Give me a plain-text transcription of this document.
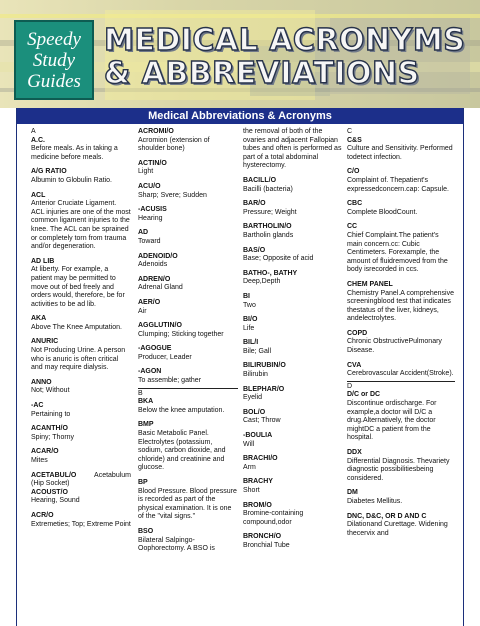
Speedy
Study
Guides
MEDICAL ACRONYMS
& ABBREVIATIONS
Medical Abbreviations & Acronyms
A
A.C.
Before meals. As in taking a medicine before meals.
A/G RATIO
Albumin to Globulin Ratio.
ACL
Anterior Cruciate Ligament. ACL injuries are one of the most common ligament injuries to the knee. The ACL can be sprained or completely torn from trauma and/or degeneration.
AD LIB
At liberty. For example, a patient may be permitted to move out of bed freely and orders would, therefore, be for activities to be ad lib.
AKA
Above The Knee Amputation.
ANURIC
Not Producing Urine. A person who is anuric is often critical and may require dialysis.
ANNO
Not; Without
-AC
Pertaining to
ACANTH/O
Spiny; Thorny
ACAR/O
Mites
ACETABUL/O	Acetabulum
(Hip Socket)
ACOUST/O
Hearing, Sound
ACR/O
Extremeties; Top; Extreme Point
ACROMI/O
Acromion (extension of shoulder bone)
ACTIN/O
Light
ACU/O
Sharp; Svere; Sudden
-ACUSIS
Hearing
AD
Toward
ADENOID/O
Adenoids
ADREN/O
Adrenal Gland
AER/O
Air
AGGLUTIN/O
Clumping; Sticking together
-AGOGUE
Producer, Leader
-AGON
To assemble; gather
B
BKA
Below the knee amputation.
BMP
Basic Metabolic Panel. Electrolytes (potassium, sodium, carbon dioxide, and chloride) and creatinine and glucose.
BP
Blood Pressure. Blood pressure is recorded as part of the physical examination. It is one of the "vital signs."
BSO
Bilateral Salpingo-Oophorectomy. A BSO is
the removal of both of the ovaries and adjacent Fallopian tubes and often is performed as part of a total abdominal hysterectomy.
BACILL/O
Bacilli (bacteria)
BAR/O
Pressure; Weight
BARTHOLIN/O
Bartholin glands
BAS/O
Base; Opposite of acid
BATHO-, BATHY
Deep,Depth
BI
Two
BI/O
Life
BIL/I
Bile; Gall
BILIRUBIN/O
Bilirubin
BLEPHAR/O
Eyelid
BOL/O
Cast; Throw
-BOULIA
Will
BRACHI/O
Arm
BRACHY
Short
BROM/O
Bromine-containing compound,odor
BRONCH/O
Bronchial Tube
C
C&S
Culture and Sensitivity. Performed todetect infection.
C/O
Complaint of. Thepatient's expressedconcern.cap: Capsule.
CBC
Complete BloodCount.
CC
Chief Complaint.The patient's main concern.cc: Cubic Centimeters. Forexample, the amount of fluidremoved from the body isrecorded in ccs.
CHEM PANEL
Chemistry Panel.A comprehensive screeningblood test that indicates thestatus of the liver, kidneys, andelectrolytes.
COPD
Chronic ObstructivePulmonary Disease.
CVA
Cerebrovascular Accident(Stroke).
D
D/C or DC
Discontinue ordischarge. For example,a doctor will D/C a drug.Alternatively, the doctor mightDC a patient from the hospital.
DDX
Differential Diagnosis. Thevariety diagnostic possibilitiesbeing considered.
DM
Diabetes Mellitus.
DNC, D&C, OR D AND C
Dilationand Curettage. Widening thecervix and
